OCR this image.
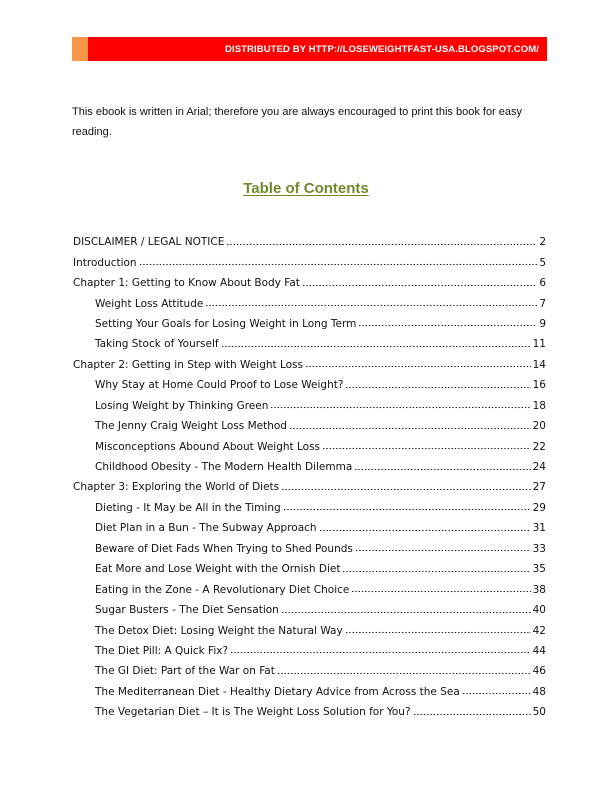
DISTRIBUTED BY HTTP://LOSEWEIGHTFAST-USA.BLOGSPOT.COM/
This ebook is written in Arial; therefore you are always encouraged to print this book for easy reading.
Table of Contents
DISCLAIMER / LEGAL NOTICE	2
Introduction	5
Chapter 1: Getting to Know About Body Fat	6
Weight Loss Attitude	7
Setting Your Goals for Losing Weight in Long Term	9
Taking Stock of Yourself	11
Chapter 2: Getting in Step with Weight Loss	14
Why Stay at Home Could Proof to Lose Weight?	16
Losing Weight by Thinking Green	18
The Jenny Craig Weight Loss Method	20
Misconceptions Abound About Weight Loss	22
Childhood Obesity - The Modern Health Dilemma	24
Chapter 3: Exploring the World of Diets	27
Dieting - It May be All in the Timing	29
Diet Plan in a Bun - The Subway Approach	31
Beware of Diet Fads When Trying to Shed Pounds	33
Eat More and Lose Weight with the Ornish Diet	35
Eating in the Zone - A Revolutionary Diet Choice	38
Sugar Busters - The Diet Sensation	40
The Detox Diet: Losing Weight the Natural Way	42
The Diet Pill: A Quick Fix?	44
The GI Diet: Part of the War on Fat	46
The Mediterranean Diet - Healthy Dietary Advice from Across the Sea	48
The Vegetarian Diet – It is The Weight Loss Solution for You?	50
